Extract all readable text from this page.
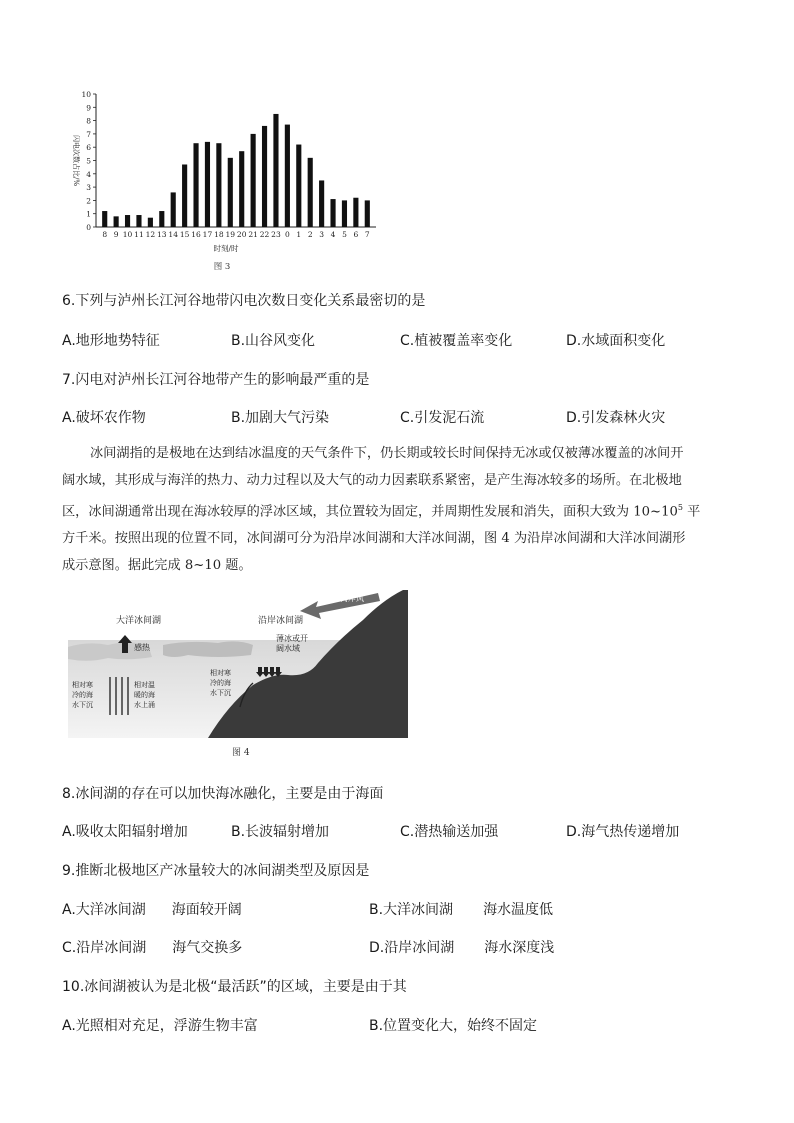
0
1
2
3
4
5
6
7
8
9
10
8 9 10 11 12 13 14 15 16 17 18 19 20 21 22 23 0 1 2 3 4 5 6 7
闪电次数占比/%
时刻/时
图 3
6.下列与泸州长江河谷地带闪电次数日变化关系最密切的是
A.地形地势特征	B.山谷风变化	C.植被覆盖率变化	D.水域面积变化
7.闪电对泸州长江河谷地带产生的影响最严重的是
A.破坏农作物	B.加剧大气污染	C.引发泥石流	D.引发森林火灾
冰间湖指的是极地在达到结冰温度的天气条件下，仍长期或较长时间保持无冰或仅被薄冰覆盖的冰间开
阔水域，其形成与海洋的热力、动力过程以及大气的动力因素联系紧密，是产生海冰较多的场所。在北极地
区，冰间湖通常出现在海冰较厚的浮冰区域，其位置较为固定，并周期性发展和消失，面积大致为 $10\sim 10^5$ 平
方千米。按照出现的位置不同，冰间湖可分为沿岸冰间湖和大洋冰间湖，图 4 为沿岸冰间湖和大洋冰间湖形
成示意图。据此完成 8~10 题。
大洋冰间湖	沿岸冰间湖
离岸风
感热
薄冰或开
阔水域
相对寒
冷的海
水下沉
相对温
暖的海
水上涌
相对寒
冷的海
水下沉
图 4
8.冰间湖的存在可以加快海冰融化，主要是由于海面
A.吸收太阳辐射增加	B.长波辐射增加	C.潜热输送加强	D.海气热传递增加
9.推断北极地区产冰量较大的冰间湖类型及原因是
A.大洋冰间湖 海面较开阔	B.大洋冰间湖 海水温度低
C.沿岸冰间湖 海气交换多	D.沿岸冰间湖 海水深度浅
10.冰间湖被认为是北极“最活跃”的区域，主要是由于其
A.光照相对充足，浮游生物丰富	B.位置变化大，始终不固定
